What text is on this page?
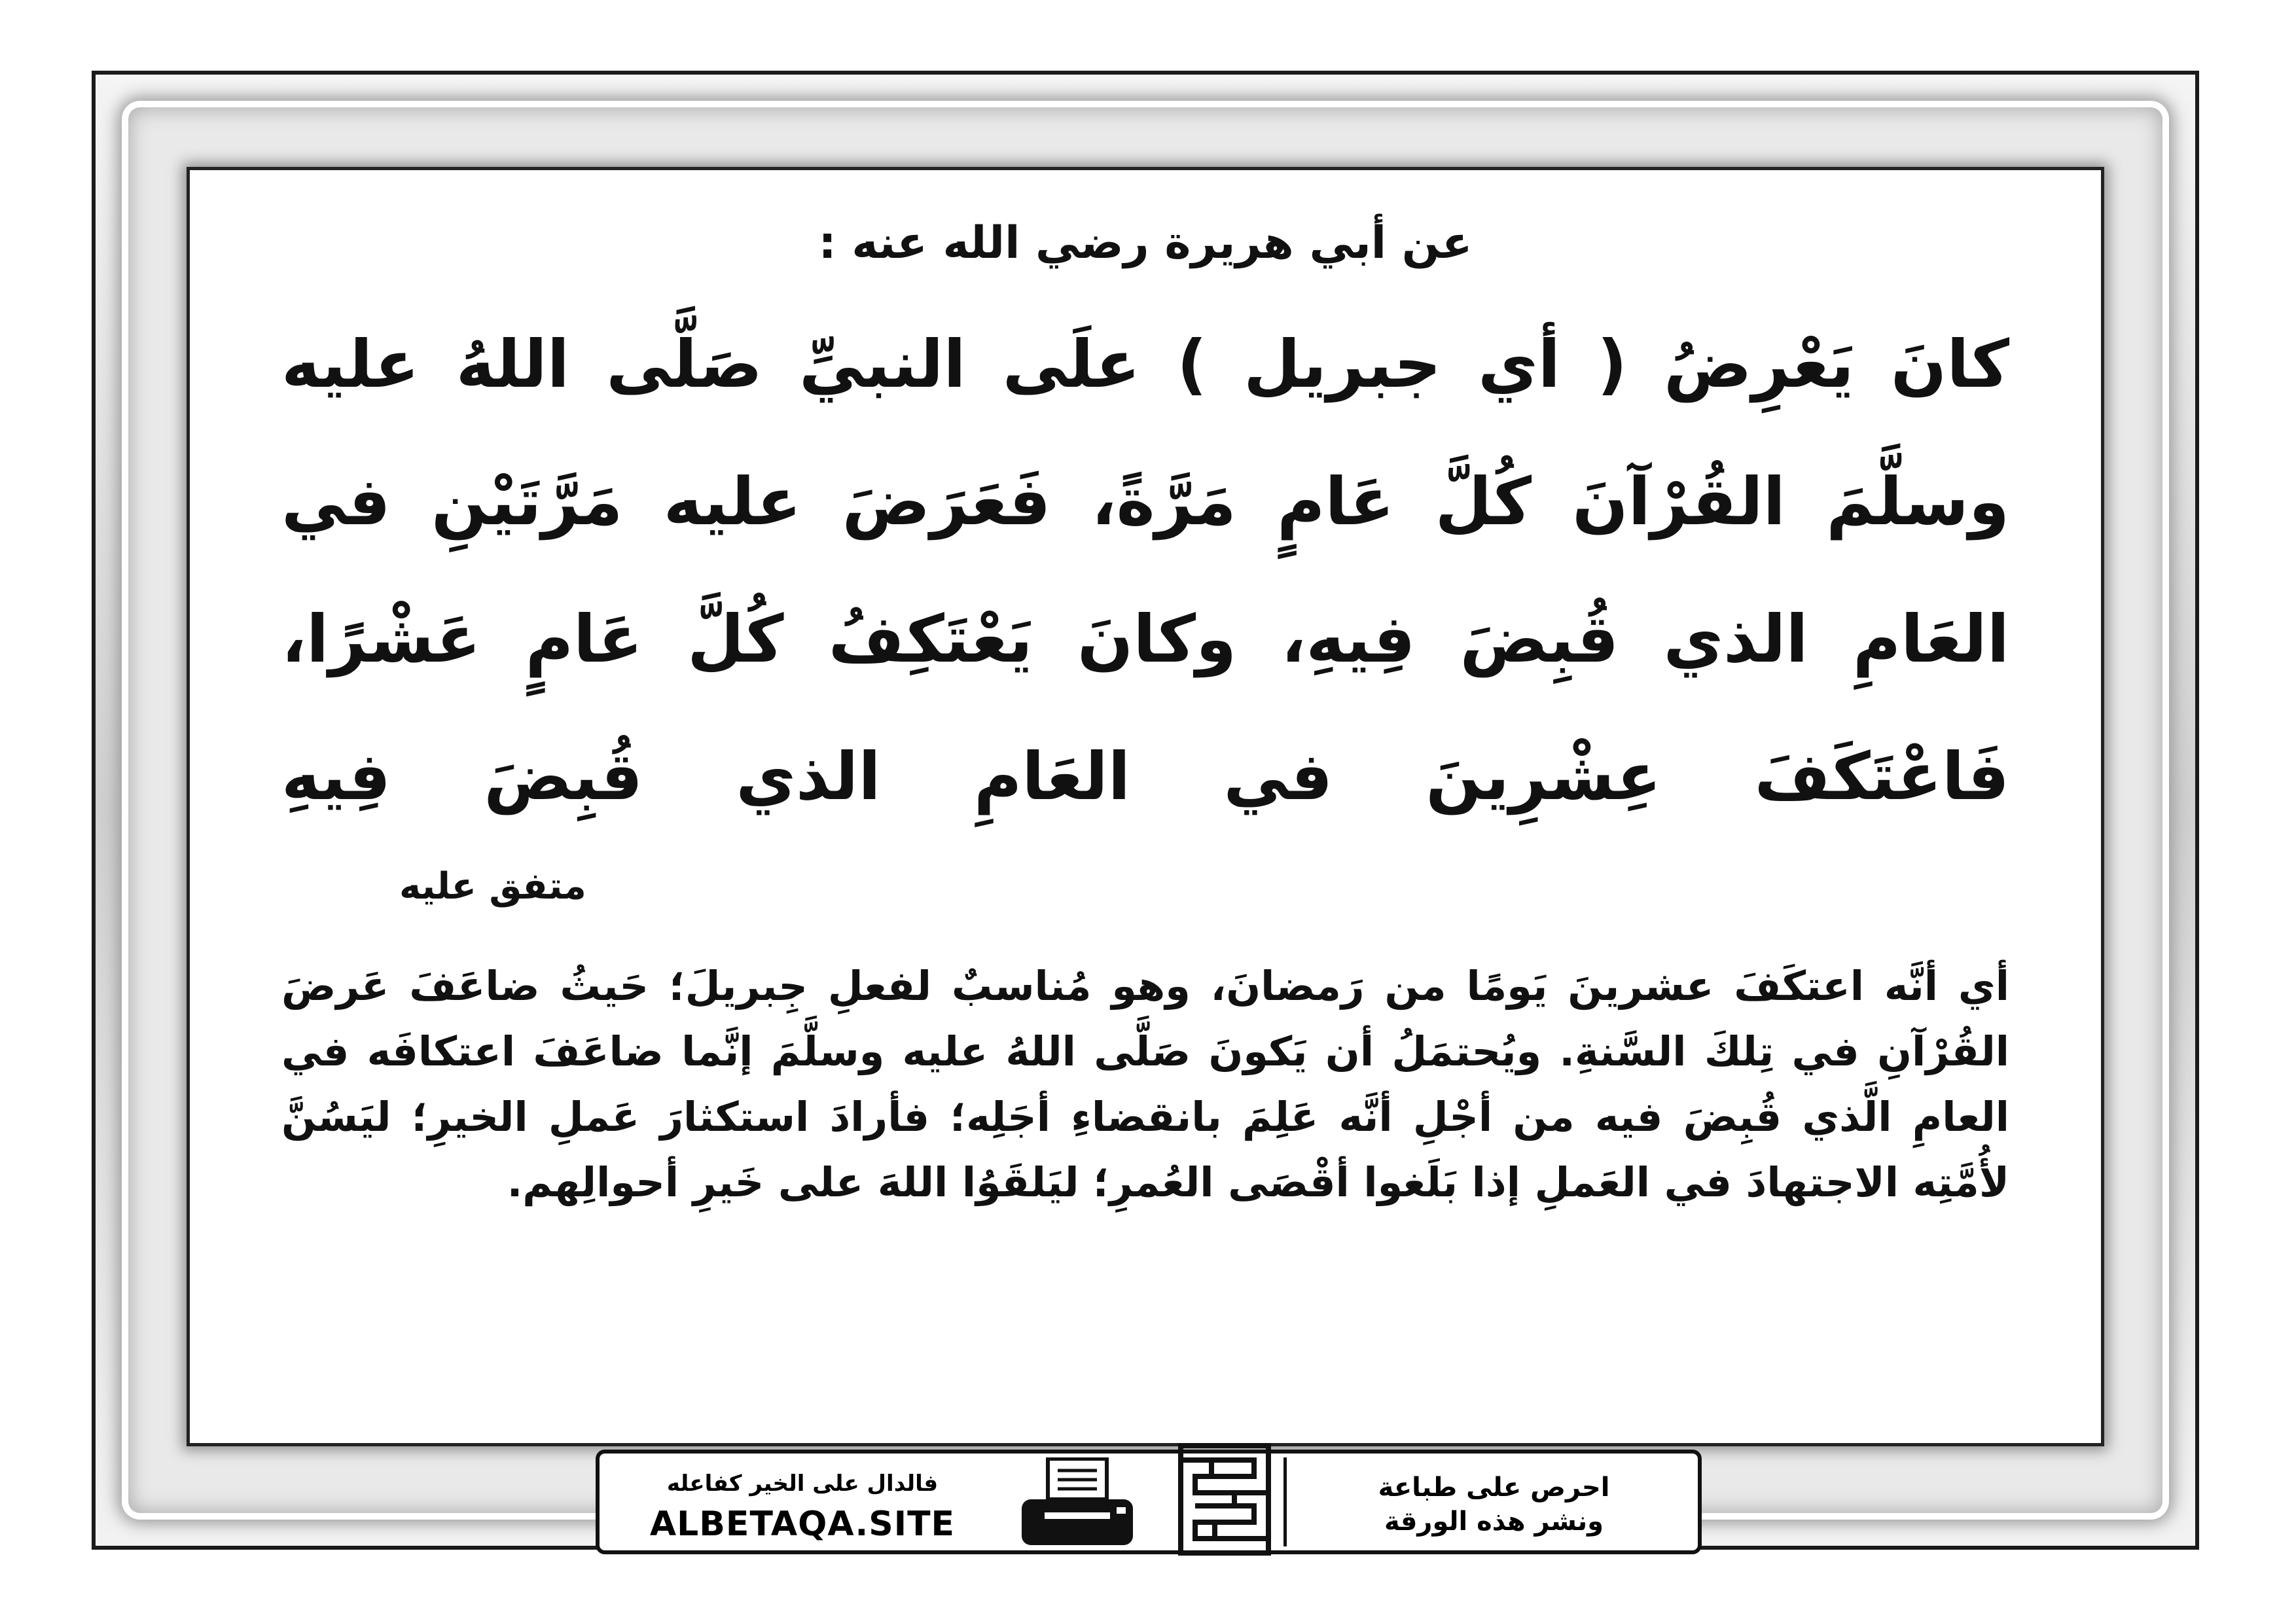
عن أبي هريرة رضي الله عنه :
كانَ يَعْرِضُ ( أي جبريل ) علَى النبيِّ صَلَّى اللهُ عليه وسلَّمَ القُرْآنَ كُلَّ عَامٍ مَرَّةً، فَعَرَضَ عليه مَرَّتَيْنِ في العَامِ الذي قُبِضَ فِيهِ، وكانَ يَعْتَكِفُ كُلَّ عَامٍ عَشْرًا، فَاعْتَكَفَ عِشْرِينَ في العَامِ الذي قُبِضَ فِيهِ
متفق عليه
أي أنَّه اعتكَفَ عشرينَ يَومًا من رَمضانَ، وهو مُناسبٌ لفعلِ جِبريلَ؛ حَيثُ ضاعَفَ عَرضَ القُرْآنِ في تِلكَ السَّنةِ. ويُحتمَلُ أن يَكونَ صَلَّى اللهُ عليه وسلَّمَ إنَّما ضاعَفَ اعتكافَه في العامِ الَّذي قُبِضَ فيه من أجْلِ أنَّه عَلِمَ بانقضاءِ أجَلِه؛ فأرادَ استكثارَ عَملِ الخيرِ؛ ليَسُنَّ لأُمَّتِه الاجتهادَ في العَملِ إذا بَلَغوا أقْصَى العُمرِ؛ ليَلقَوُا اللهَ على خَيرِ أحوالِهم.
فالدال على الخير كفاعله
ALBETAQA.SITE
احرص على طباعة
ونشر هذه الورقة
